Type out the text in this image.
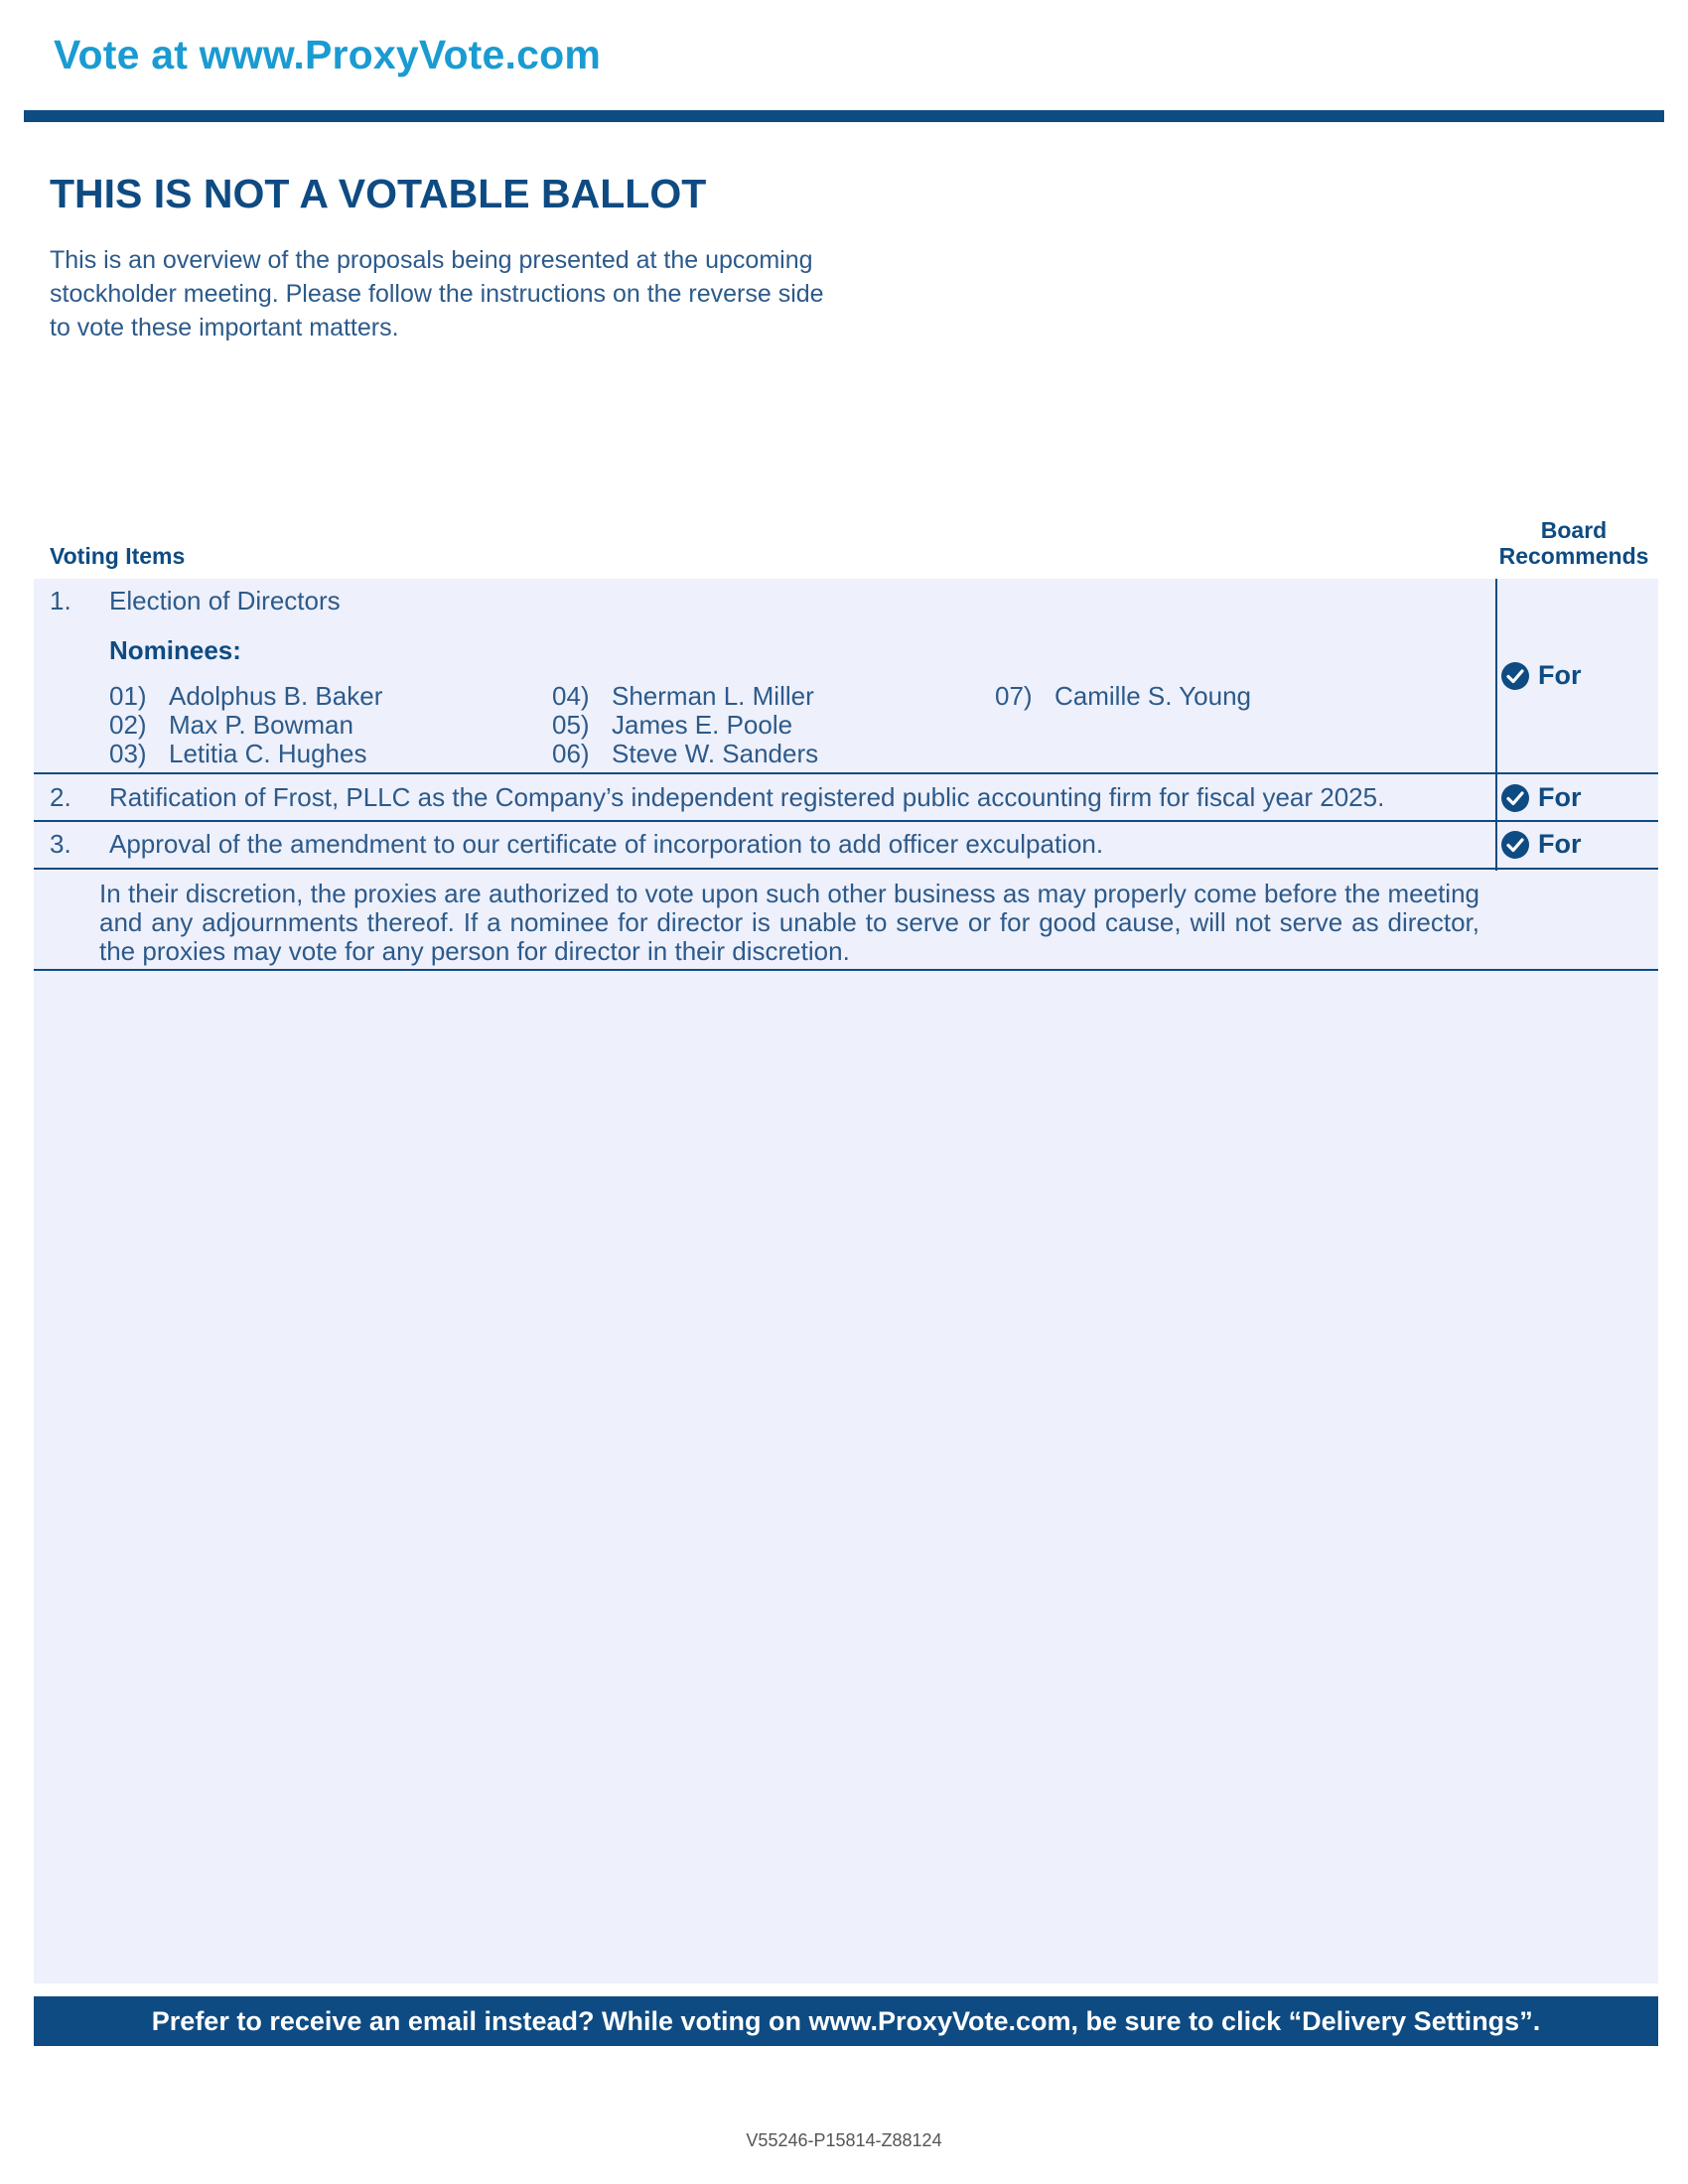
Vote at www.ProxyVote.com
THIS IS NOT A VOTABLE BALLOT
This is an overview of the proposals being presented at the upcoming stockholder meeting. Please follow the instructions on the reverse side to vote these important matters.
Board
Recommends
Voting Items
1. Election of Directors
Nominees:
01) Adolphus B. Baker
02) Max P. Bowman
03) Letitia C. Hughes
04) Sherman L. Miller
05) James E. Poole
06) Steve W. Sanders
07) Camille S. Young
For
2. Ratification of Frost, PLLC as the Company’s independent registered public accounting firm for fiscal year 2025.	For
3. Approval of the amendment to our certificate of incorporation to add officer exculpation.	For
In their discretion, the proxies are authorized to vote upon such other business as may properly come before the meeting and any adjournments thereof. If a nominee for director is unable to serve or for good cause, will not serve as director, the proxies may vote for any person for director in their discretion.
Prefer to receive an email instead? While voting on www.ProxyVote.com, be sure to click “Delivery Settings”.
V55246-P15814-Z88124
